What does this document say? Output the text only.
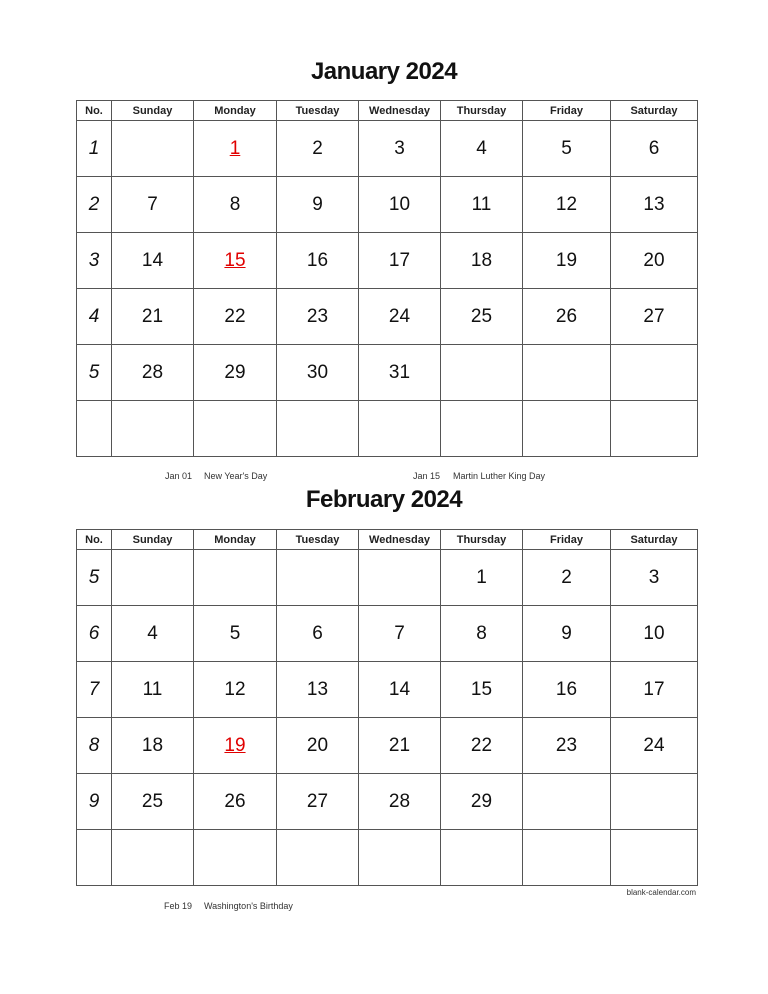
January 2024
No.	Sunday	Monday	Tuesday	Wednesday	Thursday	Friday	Saturday
1		1	2	3	4	5	6
2	7	8	9	10	11	12	13
3	14	15	16	17	18	19	20
4	21	22	23	24	25	26	27
5	28	29	30	31			

Jan 01 New Year's Day	Jan 15 Martin Luther King Day
February 2024
No.	Sunday	Monday	Tuesday	Wednesday	Thursday	Friday	Saturday
5					1	2	3
6	4	5	6	7	8	9	10
7	11	12	13	14	15	16	17
8	18	19	20	21	22	23	24
9	25	26	27	28	29		

blank-calendar.com
Feb 19 Washington's Birthday
